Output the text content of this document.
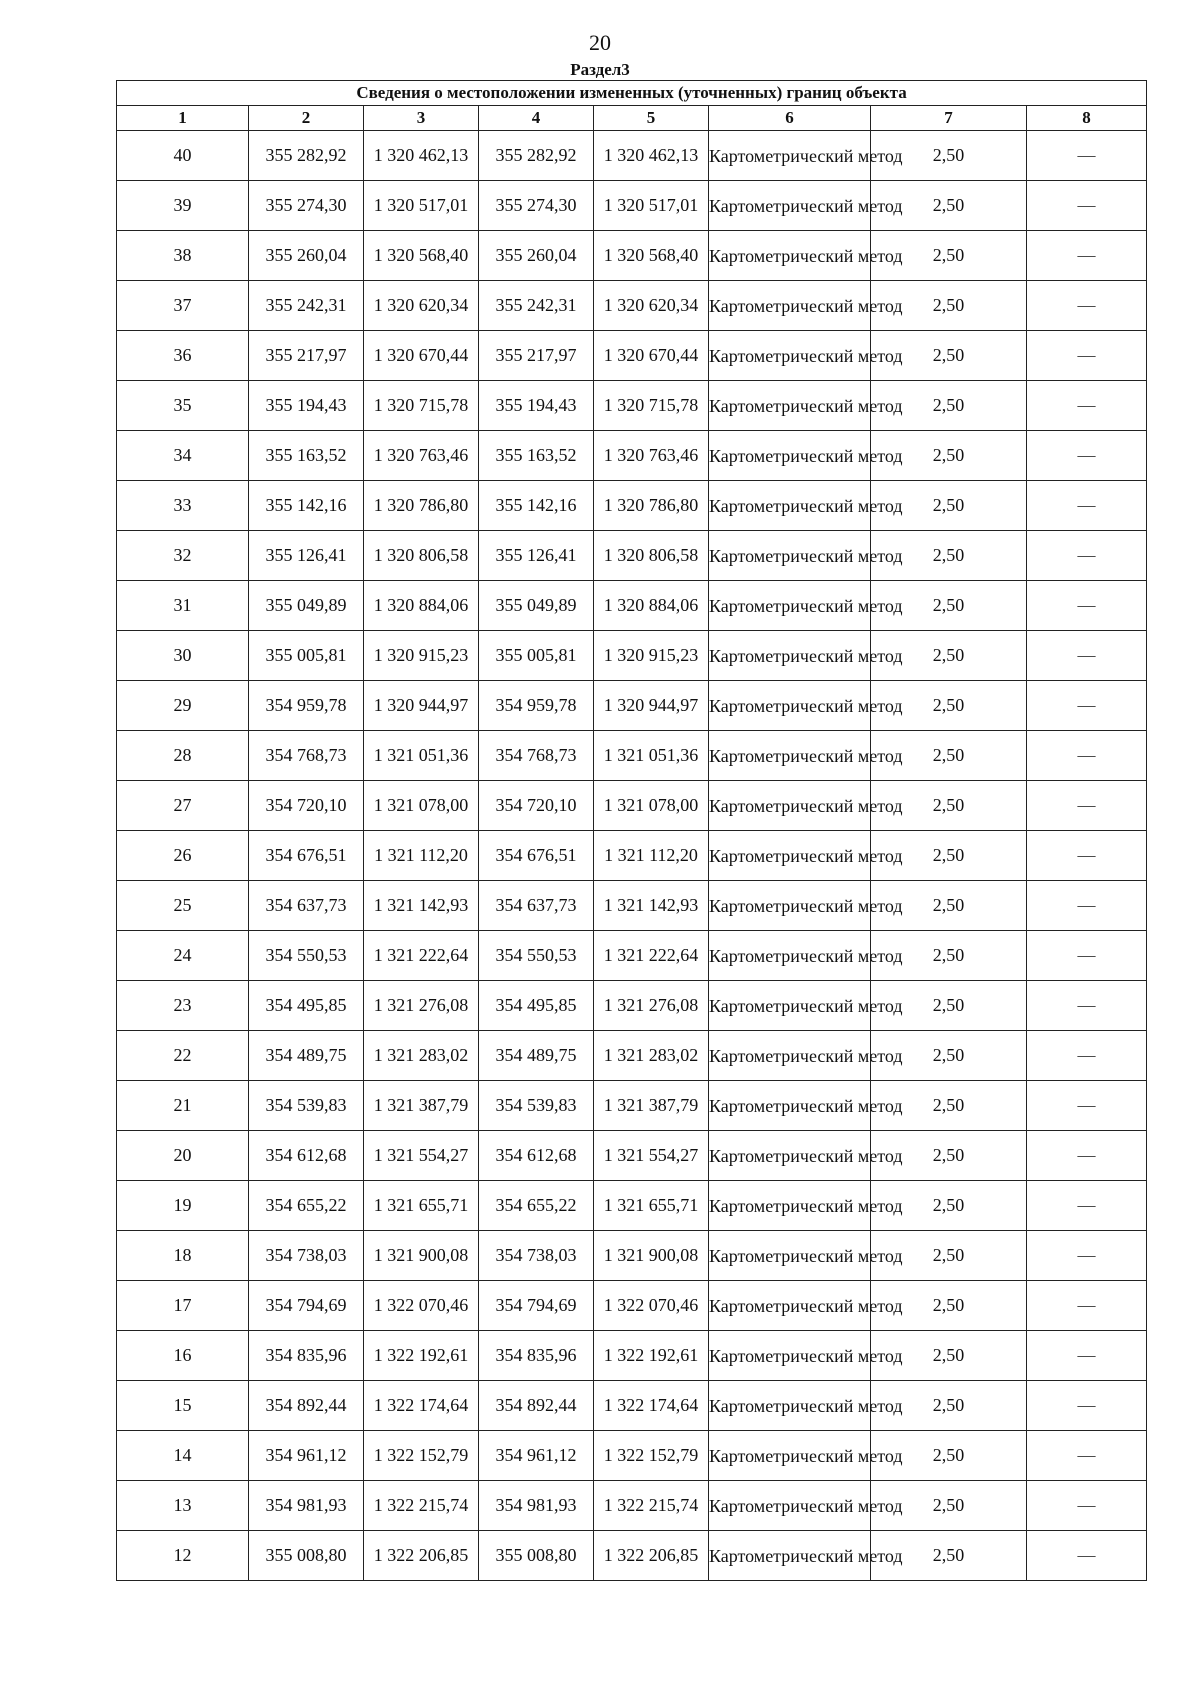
20
Раздел3
Сведения о местоположении измененных (уточненных) границ объекта							
1	2	3	4	5	6	7	8
40	355 282,92	1 320 462,13	355 282,92	1 320 462,13	Картометрический метод	2,50	—
39	355 274,30	1 320 517,01	355 274,30	1 320 517,01	Картометрический метод	2,50	—
38	355 260,04	1 320 568,40	355 260,04	1 320 568,40	Картометрический метод	2,50	—
37	355 242,31	1 320 620,34	355 242,31	1 320 620,34	Картометрический метод	2,50	—
36	355 217,97	1 320 670,44	355 217,97	1 320 670,44	Картометрический метод	2,50	—
35	355 194,43	1 320 715,78	355 194,43	1 320 715,78	Картометрический метод	2,50	—
34	355 163,52	1 320 763,46	355 163,52	1 320 763,46	Картометрический метод	2,50	—
33	355 142,16	1 320 786,80	355 142,16	1 320 786,80	Картометрический метод	2,50	—
32	355 126,41	1 320 806,58	355 126,41	1 320 806,58	Картометрический метод	2,50	—
31	355 049,89	1 320 884,06	355 049,89	1 320 884,06	Картометрический метод	2,50	—
30	355 005,81	1 320 915,23	355 005,81	1 320 915,23	Картометрический метод	2,50	—
29	354 959,78	1 320 944,97	354 959,78	1 320 944,97	Картометрический метод	2,50	—
28	354 768,73	1 321 051,36	354 768,73	1 321 051,36	Картометрический метод	2,50	—
27	354 720,10	1 321 078,00	354 720,10	1 321 078,00	Картометрический метод	2,50	—
26	354 676,51	1 321 112,20	354 676,51	1 321 112,20	Картометрический метод	2,50	—
25	354 637,73	1 321 142,93	354 637,73	1 321 142,93	Картометрический метод	2,50	—
24	354 550,53	1 321 222,64	354 550,53	1 321 222,64	Картометрический метод	2,50	—
23	354 495,85	1 321 276,08	354 495,85	1 321 276,08	Картометрический метод	2,50	—
22	354 489,75	1 321 283,02	354 489,75	1 321 283,02	Картометрический метод	2,50	—
21	354 539,83	1 321 387,79	354 539,83	1 321 387,79	Картометрический метод	2,50	—
20	354 612,68	1 321 554,27	354 612,68	1 321 554,27	Картометрический метод	2,50	—
19	354 655,22	1 321 655,71	354 655,22	1 321 655,71	Картометрический метод	2,50	—
18	354 738,03	1 321 900,08	354 738,03	1 321 900,08	Картометрический метод	2,50	—
17	354 794,69	1 322 070,46	354 794,69	1 322 070,46	Картометрический метод	2,50	—
16	354 835,96	1 322 192,61	354 835,96	1 322 192,61	Картометрический метод	2,50	—
15	354 892,44	1 322 174,64	354 892,44	1 322 174,64	Картометрический метод	2,50	—
14	354 961,12	1 322 152,79	354 961,12	1 322 152,79	Картометрический метод	2,50	—
13	354 981,93	1 322 215,74	354 981,93	1 322 215,74	Картометрический метод	2,50	—
12	355 008,80	1 322 206,85	355 008,80	1 322 206,85	Картометрический метод	2,50	—
